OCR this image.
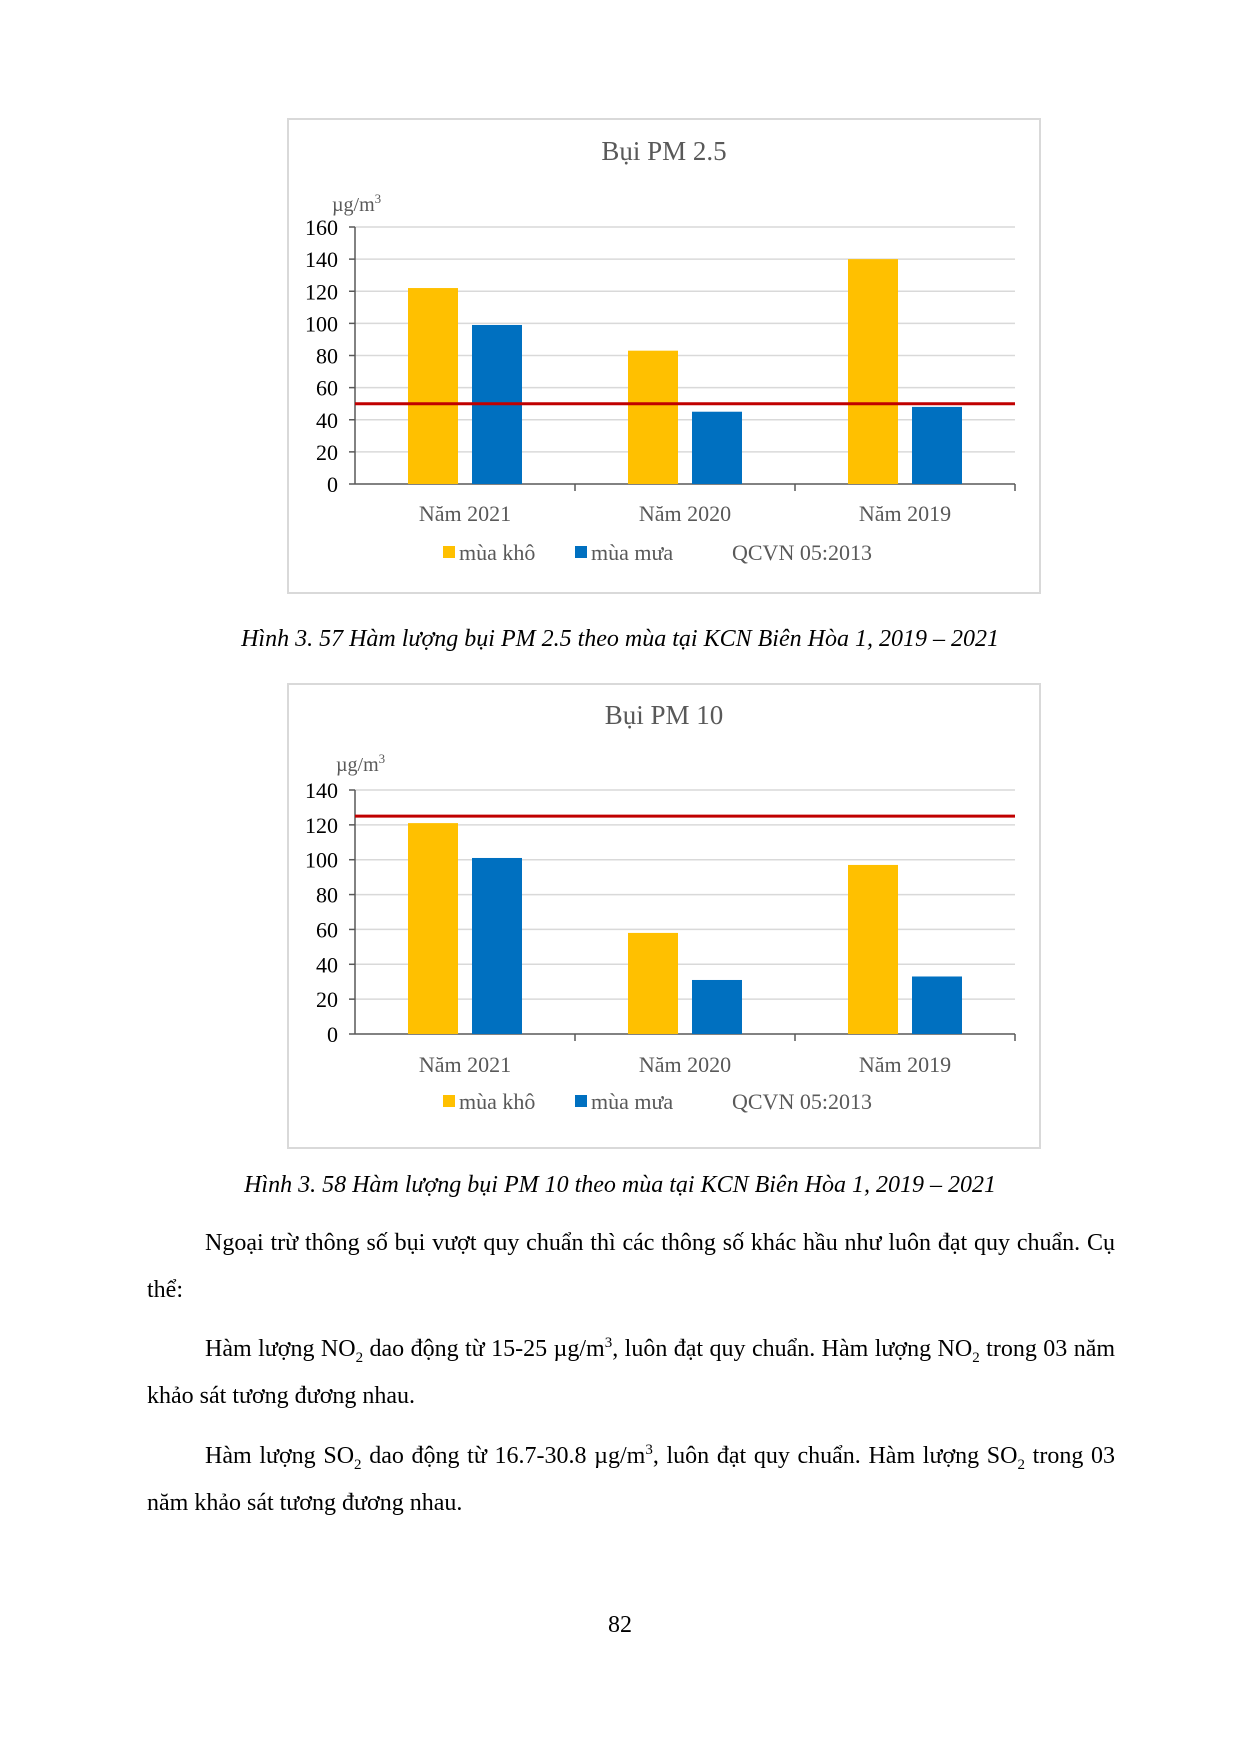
Bụi PM 2.5
$\mu g/m^3$
0
20
40
60
80
100
120
140
160
Năm 2021	Năm 2020	Năm 2019
mùa khô	mùa mưa	QCVN 05:2013
Bụi PM 10
$\mu g/m^3$
0
20
40
60
80
100
120
140
Năm 2021	Năm 2020	Năm 2019
mùa khô	mùa mưa	QCVN 05:2013
Hình 3. 57 Hàm lượng bụi PM 2.5 theo mùa tại KCN Biên Hòa 1, 2019 – 2021
Hình 3. 58 Hàm lượng bụi PM 10 theo mùa tại KCN Biên Hòa 1, 2019 – 2021
Ngoại trừ thông số bụi vượt quy chuẩn thì các thông số khác hầu như luôn đạt quy chuẩn. Cụ thể:
Hàm lượng $NO_2$ dao động từ 15-25 $\mu g/m^3$, luôn đạt quy chuẩn. Hàm lượng $NO_2$ trong 03 năm khảo sát tương đương nhau.
Hàm lượng $SO_2$ dao động từ 16.7-30.8 $\mu g/m^3$, luôn đạt quy chuẩn. Hàm lượng $SO_2$ trong 03 năm khảo sát tương đương nhau.
82
